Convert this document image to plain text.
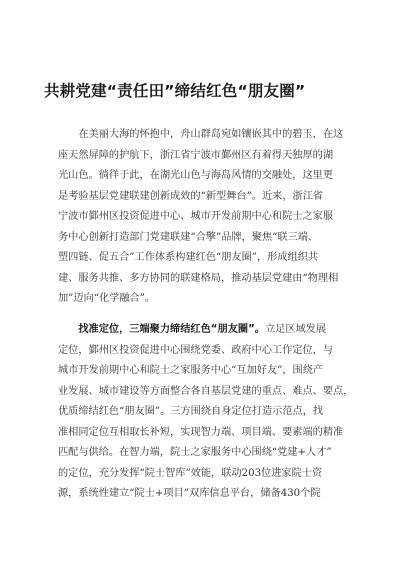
共耕党建“责任田”缔结红色“朋友圈”

　　在美丽大海的怀抱中，舟山群岛宛如镶嵌其中的碧玉，在这
座天然屏障的护航下，浙江省宁波市鄞州区有着得天独厚的湖
光山色。徜徉于此，在湖光山色与海岛风情的交融处，这里更
是考验基层党建联建创新成效的“新型舞台”。近来，浙江省
宁波市鄞州区投资促进中心、城市开发前期中心和院士之家服
务中心创新打造部门党建联建“合擎”品牌，聚焦“联三端、
塑四链、促五合”工作体系构建红色“朋友圈”，形成组织共
建、服务共推、多方协同的联建格局，推动基层党建由“物理相
加”迈向“化学融合”。

　　找准定位，三端聚力缔结红色“朋友圈”。立足区域发展
定位，鄞州区投资促进中心围绕党委、政府中心工作定位，与
城市开发前期中心和院士之家服务中心“互加好友”，围绕产
业发展、城市建设等方面整合各自基层党建的重点、难点、要点，
优质缔结红色“朋友圈”。三方围绕自身定位打造示范点，找
准相同定位互相取长补短，实现智力端、项目端、要素端的精准
匹配与供给。在智力端，院士之家服务中心围绕“党建+人才”
的定位，充分发挥“院士智库”效能，联动203位进家院士资
源，系统性建立“院士+项目”双库信息平台，储备430个院
